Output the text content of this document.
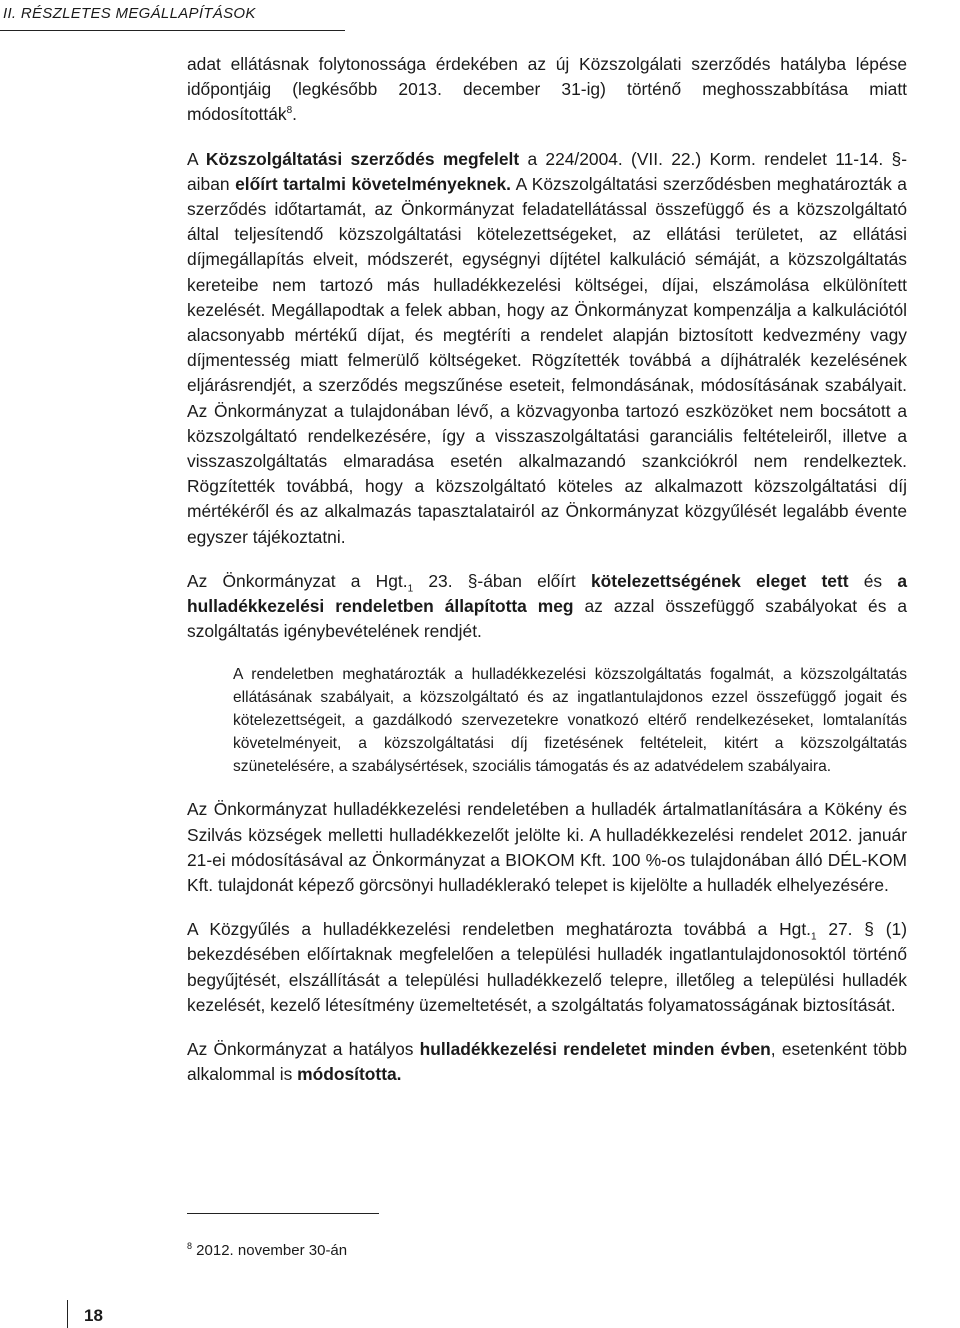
II. RÉSZLETES MEGÁLLAPÍTÁSOK

adat ellátásnak folytonossága érdekében az új Közszolgálati szerződés hatályba lépése időpontjáig (legkésőbb 2013. december 31-ig) történő meghosszabbítása miatt módosították$^8$.

A Közszolgáltatási szerződés megfelelt a 224/2004. (VII. 22.) Korm. rendelet 11-14. §-aiban előírt tartalmi követelményeknek. A Közszolgáltatási szerződésben meghatározták a szerződés időtartamát, az Önkormányzat feladatellátással összefüggő és a közszolgáltató által teljesítendő közszolgáltatási kötelezettségeket, az ellátási területet, az ellátási díjmegállapítás elveit, módszerét, egységnyi díjtétel kalkuláció sémáját, a közszolgáltatás kereteibe nem tartozó más hulladékkezelési költségei, díjai, elszámolása elkülönített kezelését. Megállapodtak a felek abban, hogy az Önkormányzat kompenzálja a kalkulációtól alacsonyabb mértékű díjat, és megtéríti a rendelet alapján biztosított kedvezmény vagy díjmentesség miatt felmerülő költségeket. Rögzítették továbbá a díjhátralék kezelésének eljárásrendjét, a szerződés megszűnése eseteit, felmondásának, módosításának szabályait. Az Önkormányzat a tulajdonában lévő, a közvagyonba tartozó eszközöket nem bocsátott a közszolgáltató rendelkezésére, így a visszaszolgáltatási garanciális feltételeiről, illetve a visszaszolgáltatás elmaradása esetén alkalmazandó szankciókról nem rendelkeztek. Rögzítették továbbá, hogy a közszolgáltató köteles az alkalmazott közszolgáltatási díj mértékéről és az alkalmazás tapasztalatairól az Önkormányzat közgyűlését legalább évente egyszer tájékoztatni.

Az Önkormányzat a $Hgt._1$ 23. §-ában előírt kötelezettségének eleget tett és a hulladékkezelési rendeletben állapította meg az azzal összefüggő szabályokat és a szolgáltatás igénybevételének rendjét.

A rendeletben meghatározták a hulladékkezelési közszolgáltatás fogalmát, a közszolgáltatás ellátásának szabályait, a közszolgáltató és az ingatlantulajdonos ezzel összefüggő jogait és kötelezettségeit, a gazdálkodó szervezetekre vonatkozó eltérő rendelkezéseket, lomtalanítás követelményeit, a közszolgáltatási díj fizetésének feltételeit, kitért a közszolgáltatás szünetelésére, a szabálysértések, szociális támogatás és az adatvédelem szabályaira.

Az Önkormányzat hulladékkezelési rendeletében a hulladék ártalmatlanítására a Kökény és Szilvás községek melletti hulladékkezelőt jelölte ki. A hulladékkezelési rendelet 2012. január 21-ei módosításával az Önkormányzat a BIOKOM Kft. 100 %-os tulajdonában álló DÉL-KOM Kft. tulajdonát képező görcsönyi hulladéklerakó telepet is kijelölte a hulladék elhelyezésére.

A Közgyűlés a hulladékkezelési rendeletben meghatározta továbbá a $Hgt._1$ 27. § (1) bekezdésében előírtaknak megfelelően a települési hulladék ingatlantulajdonosoktól történő begyűjtését, elszállítását a települési hulladékkezelő telepre, illetőleg a települési hulladék kezelését, kezelő létesítmény üzemeltetését, a szolgáltatás folyamatosságának biztosítását.

Az Önkormányzat a hatályos hulladékkezelési rendeletet minden évben, esetenként több alkalommal is módosította.

$^8$ 2012. november 30-án
18
